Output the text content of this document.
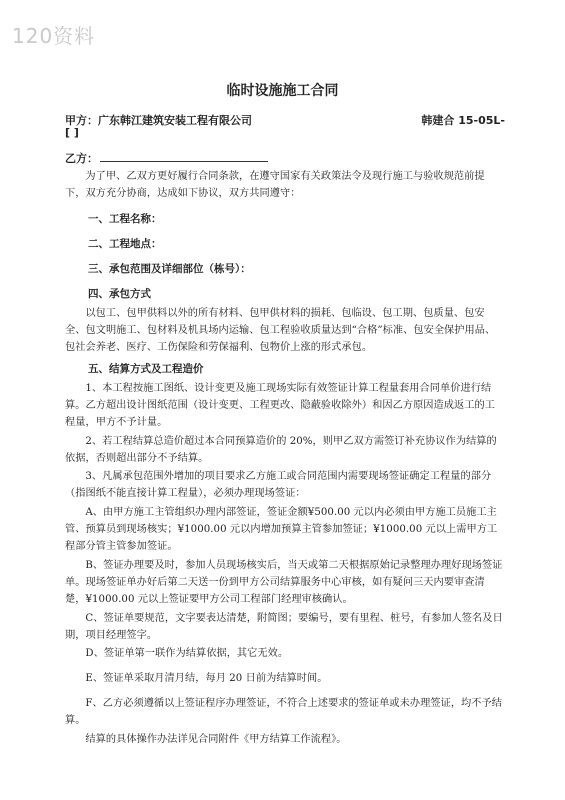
120资料
临时设施施工合同
甲方：广东韩江建筑安装工程有限公司	韩建合 15-05L-
[ ]
乙方：
为了甲、乙双方更好履行合同条款，在遵守国家有关政策法令及现行施工与验收规范前提下，双方充分协商，达成如下协议，双方共同遵守：
一、工程名称：
二、工程地点：
三、承包范围及详细部位（栋号）：
四、承包方式
以包工、包甲供料以外的所有材料、包甲供材料的损耗、包临设、包工期、包质量、包安全、包文明施工、包材料及机具场内运输、包工程验收质量达到“合格”标准、包安全保护用品、包社会养老、医疗、工伤保险和劳保福利、包物价上涨的形式承包。
五、结算方式及工程造价
1、本工程按施工图纸、设计变更及施工现场实际有效签证计算工程量套用合同单价进行结算。乙方超出设计图纸范围（设计变更、工程更改、隐蔽验收除外）和因乙方原因造成返工的工程量，甲方不予计量。
2、若工程结算总造价超过本合同预算造价的 20%，则甲乙双方需签订补充协议作为结算的依据，否则超出部分不予结算。
3、凡属承包范围外增加的项目要求乙方施工或合同范围内需要现场签证确定工程量的部分（指图纸不能直接计算工程量），必须办理现场签证：
A、由甲方施工主管组织办理内部签证，签证金额¥500.00 元以内必须由甲方施工员施工主管、预算员到现场核实；¥1000.00 元以内增加预算主管参加签证；¥1000.00 元以上需甲方工程部分管主管参加签证。
B、签证办理要及时，参加人员现场核实后，当天或第二天根据原始记录整理办理好现场签证单。现场签证单办好后第二天送一份到甲方公司结算服务中心审核，如有疑问三天内要审查清楚，¥1000.00 元以上签证要甲方公司工程部门经理审核确认。
C、签证单要规范，文字要表达清楚，附简图；要编号，要有里程、桩号，有参加人签名及日期，项目经理签字。
D、签证单第一联作为结算依据，其它无效。
E、签证单采取月清月结，每月 20 日前为结算时间。
F、乙方必须遵循以上签证程序办理签证，不符合上述要求的签证单或未办理签证，均不予结算。
结算的具体操作办法详见合同附件《甲方结算工作流程》。
